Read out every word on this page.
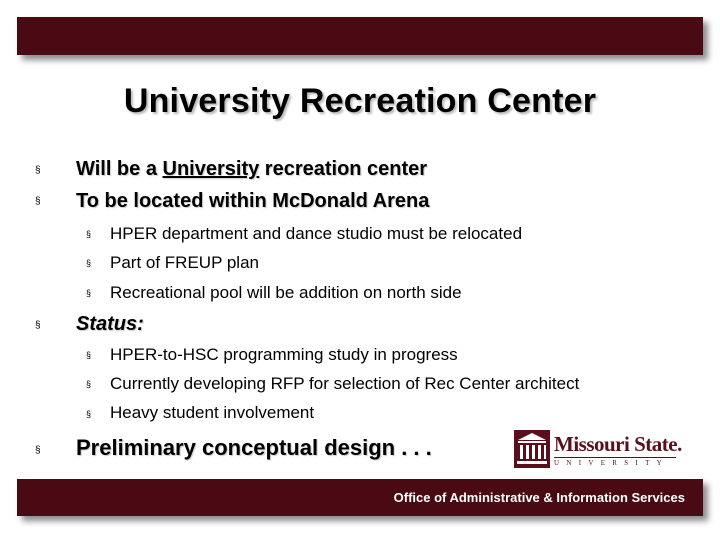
University Recreation Center
§ Will be a University recreation center
§ To be located within McDonald Arena
§ HPER department and dance studio must be relocated
§ Part of FREUP plan
§ Recreational pool will be addition on north side
§ Status:
§ HPER-to-HSC programming study in progress
§ Currently developing RFP for selection of Rec Center architect
§ Heavy student involvement
§ Preliminary conceptual design . . .	Missouri State.
UNIVERSITY
Office of Administrative & Information Services
